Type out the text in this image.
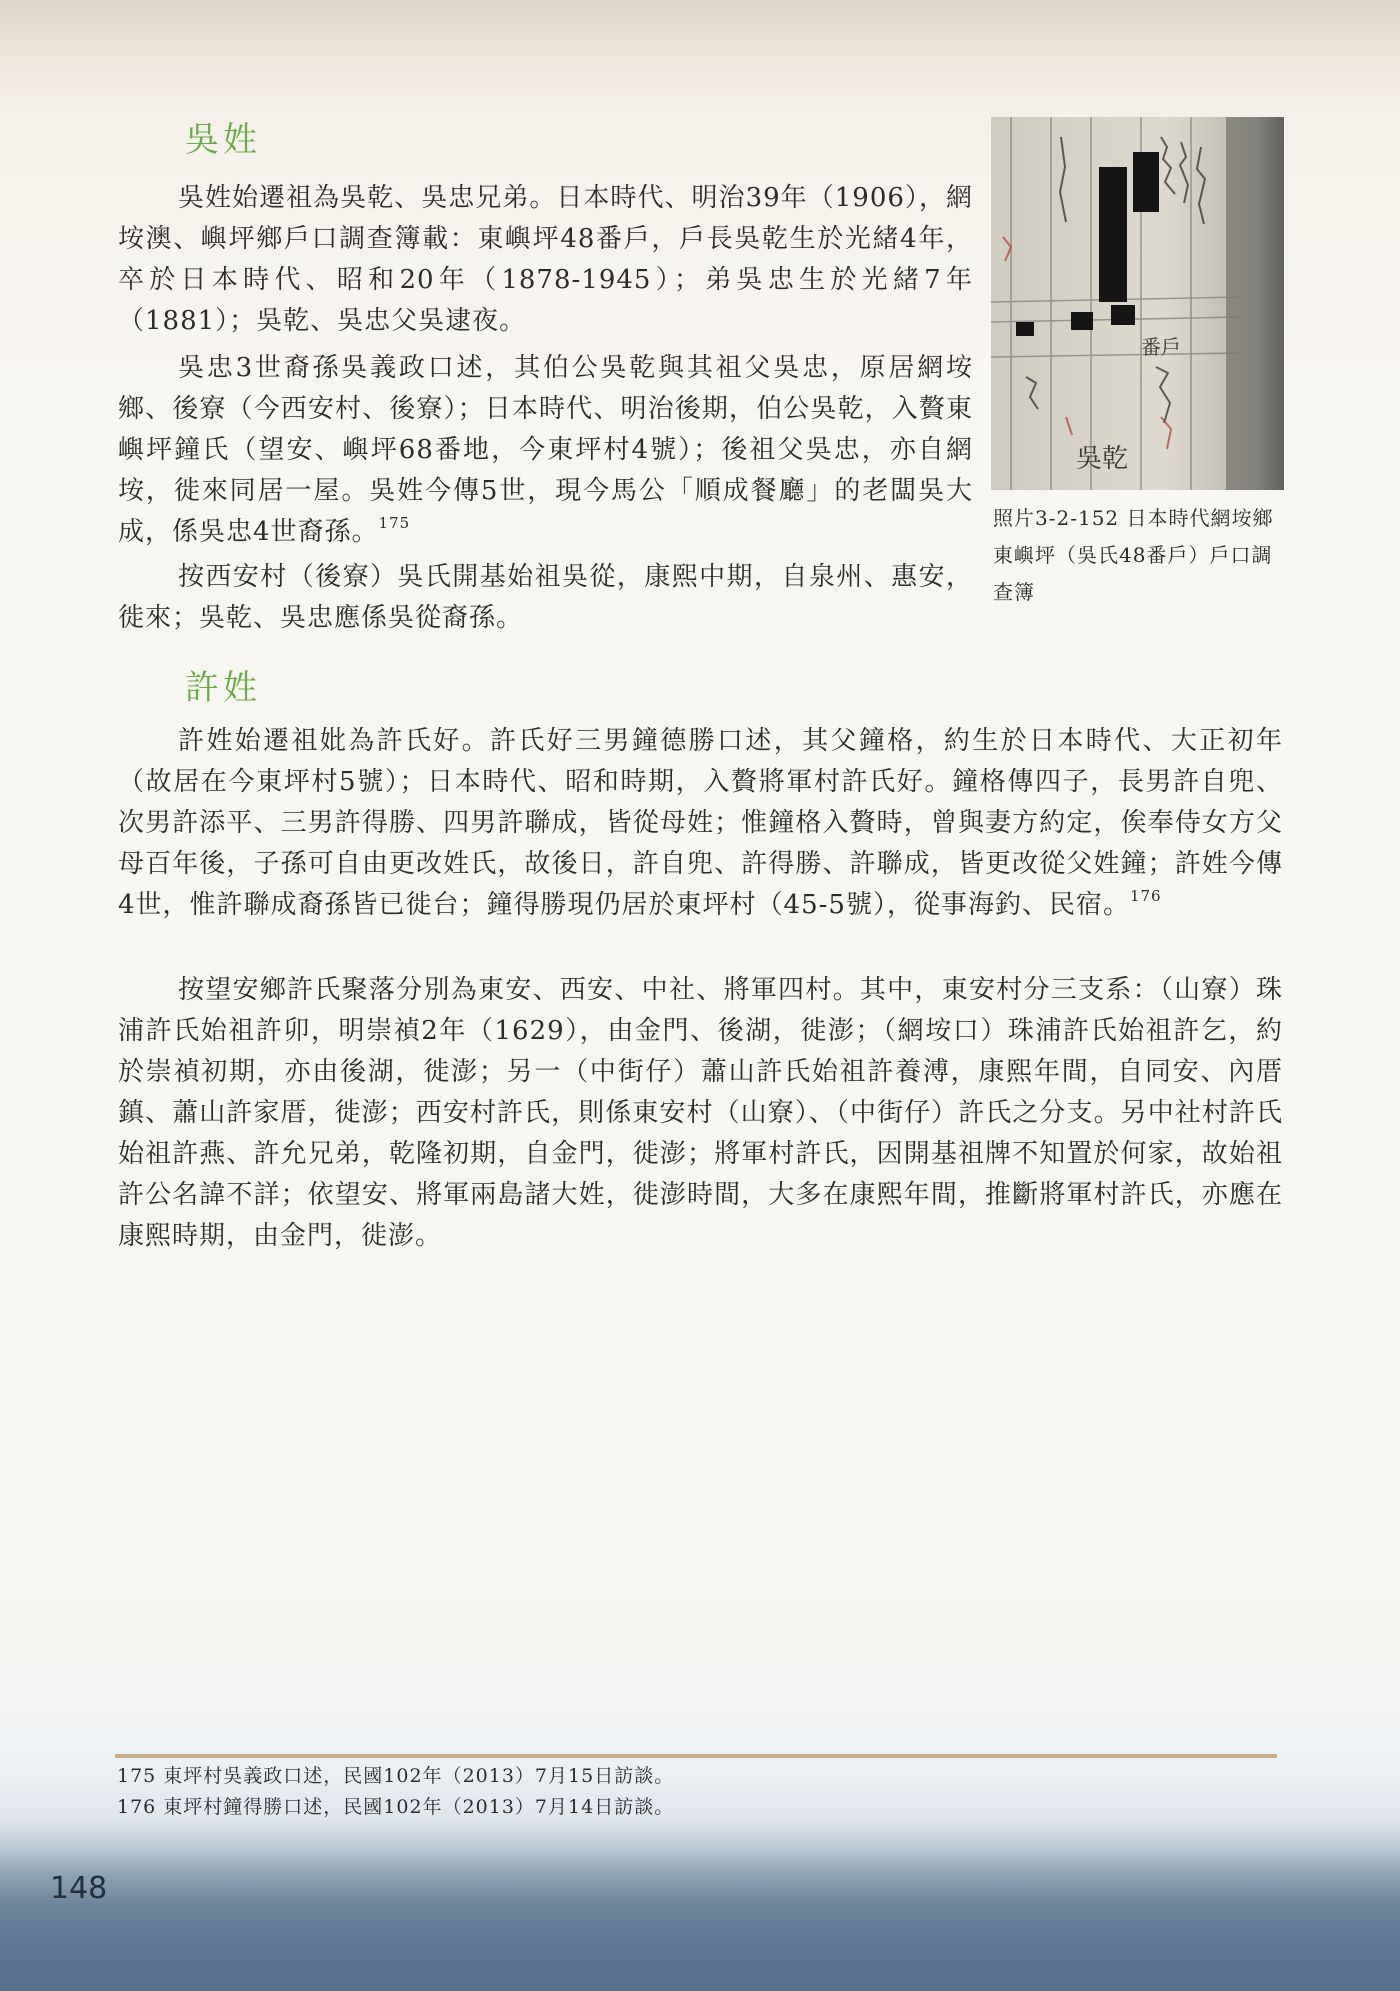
吳姓

吳姓始遷祖為吳乾、吳忠兄弟。日本時代、明治39年（1906），網垵澳、嶼坪鄉戶口調查簿載：東嶼坪48番戶，戶長吳乾生於光緒4年，卒於日本時代、昭和20年（1878-1945）；弟吳忠生於光緒7年（1881）；吳乾、吳忠父吳逮夜。

吳忠3世裔孫吳義政口述，其伯公吳乾與其祖父吳忠，原居網垵鄉、後寮（今西安村、後寮）；日本時代、明治後期，伯公吳乾，入贅東嶼坪鐘氏（望安、嶼坪68番地，今東坪村4號）；後祖父吳忠，亦自網垵，徙來同居一屋。吳姓今傳5世，現今馬公「順成餐廳」的老闆吳大成，係吳忠4世裔孫。$^{175}$

按西安村（後寮）吳氏開基始祖吳從，康熙中期，自泉州、惠安，徙來；吳乾、吳忠應係吳從裔孫。

番戶
吳乾

照片3-2-152 日本時代網垵鄉東嶼坪（吳氏48番戶）戶口調查簿

許姓

許姓始遷祖妣為許氏好。許氏好三男鐘德勝口述，其父鐘格，約生於日本時代、大正初年（故居在今東坪村5號）；日本時代、昭和時期，入贅將軍村許氏好。鐘格傳四子，長男許自兜、次男許添平、三男許得勝、四男許聯成，皆從母姓；惟鐘格入贅時，曾與妻方約定，俟奉侍女方父母百年後，子孫可自由更改姓氏，故後日，許自兜、許得勝、許聯成，皆更改從父姓鐘；許姓今傳4世，惟許聯成裔孫皆已徙台；鐘得勝現仍居於東坪村（45-5號），從事海釣、民宿。$^{176}$

按望安鄉許氏聚落分別為東安、西安、中社、將軍四村。其中，東安村分三支系：（山寮）珠浦許氏始祖許卯，明崇禎2年（1629），由金門、後湖，徙澎；（網垵口）珠浦許氏始祖許乞，約於崇禎初期，亦由後湖，徙澎；另一（中街仔）蕭山許氏始祖許養溥，康熙年間，自同安、內厝鎮、蕭山許家厝，徙澎；西安村許氏，則係東安村（山寮）、（中街仔）許氏之分支。另中社村許氏始祖許燕、許允兄弟，乾隆初期，自金門，徙澎；將軍村許氏，因開基祖牌不知置於何家，故始祖許公名諱不詳；依望安、將軍兩島諸大姓，徙澎時間，大多在康熙年間，推斷將軍村許氏，亦應在康熙時期，由金門，徙澎。

175 東坪村吳義政口述，民國102年（2013）7月15日訪談。

176 東坪村鐘得勝口述，民國102年（2013）7月14日訪談。

148
